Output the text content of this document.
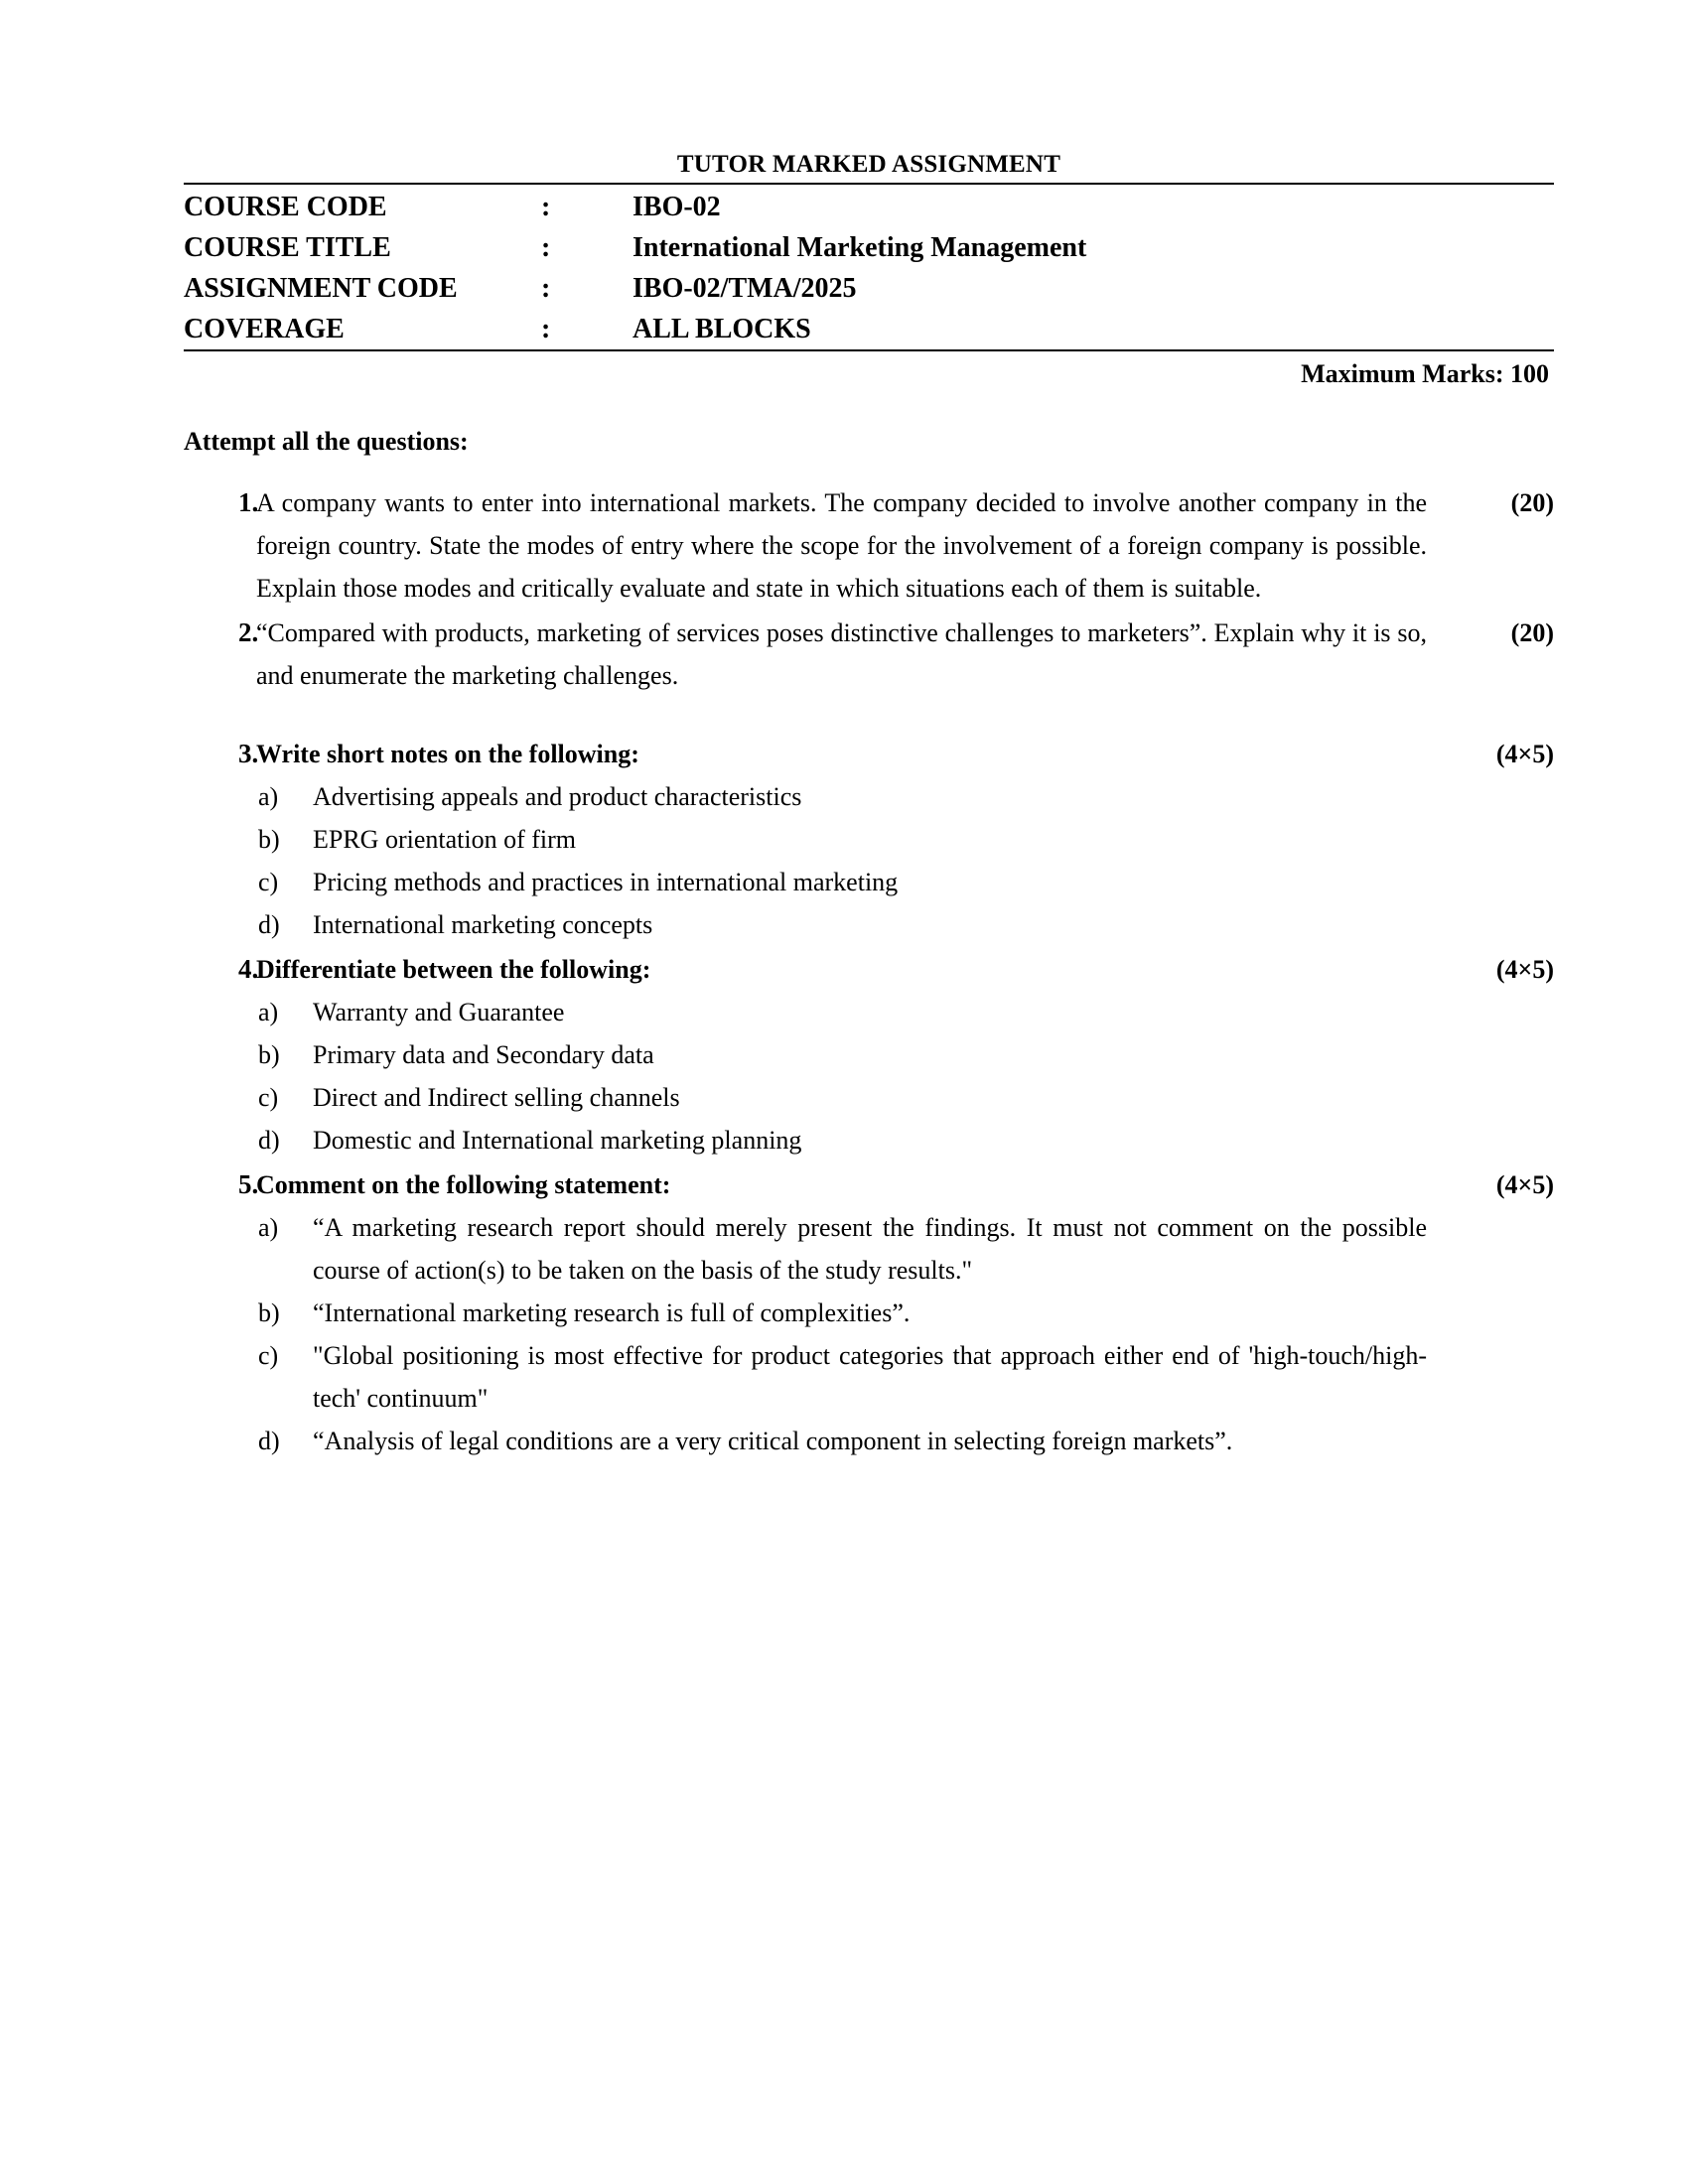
TUTOR MARKED ASSIGNMENT
COURSE CODE	:	IBO-02
COURSE TITLE	:	International Marketing Management
ASSIGNMENT CODE	:	IBO-02/TMA/2025
COVERAGE	:	ALL BLOCKS
Maximum Marks: 100
Attempt all the questions:
1.
A company wants to enter into international markets. The company decided to involve another company in the foreign country. State the modes of entry where the scope for the involvement of a foreign company is possible. Explain those modes and critically evaluate and state in which situations each of them is suitable.
(20)
2.
“Compared with products, marketing of services poses distinctive challenges to marketers”. Explain why it is so, and enumerate the marketing challenges.
(20)
3.
Write short notes on the following:
a)	Advertising appeals and product characteristics
b)	EPRG orientation of firm
c)	Pricing methods and practices in international marketing
d)	International marketing concepts
(4×5)
4.
Differentiate between the following:
a)	Warranty and Guarantee
b)	Primary data and Secondary data
c)	Direct and Indirect selling channels
d)	Domestic and International marketing planning
(4×5)
5.
Comment on the following statement:
a)	“A marketing research report should merely present the findings. It must not comment on the possible course of action(s) to be taken on the basis of the study results."
b)	“International marketing research is full of complexities”.
c)	"Global positioning is most effective for product categories that approach either end of 'high-touch/high-tech' continuum"
d)	“Analysis of legal conditions are a very critical component in selecting foreign markets”.
(4×5)
